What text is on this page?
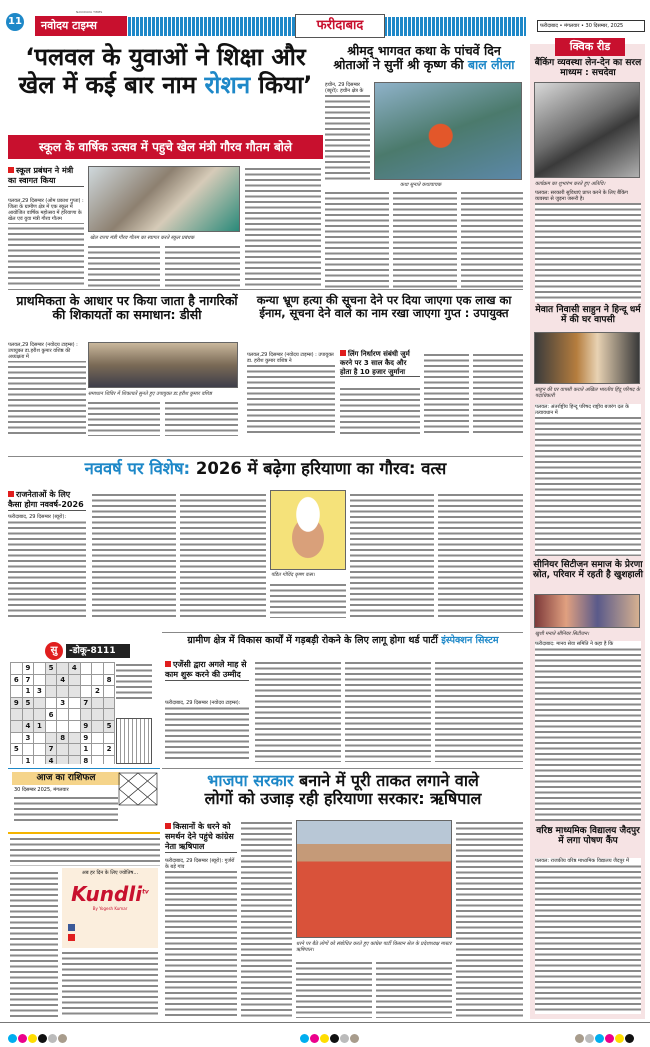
11
NAVODAYA TIMES
नवोदय टाइम्स	फरीदाबाद	फरीदाबाद • मंगलवार • 30 दिसम्बर, 2025
‘पलवल के युवाओं ने शिक्षा और
खेल में कई बार नाम रोशन किया’
स्कूल के वार्षिक उत्सव में पहुचे खेल मंत्री गौरव गौतम बोले
स्कूल प्रबंधन ने मंत्री का स्वागत किया
पलवल,29 दिसम्बर (ओम प्रकाश गुप्ता) : जिला के ग्रामीण क्षेत्र में एक स्कूल में आयोजित वार्षिक महोत्सव में हरियाणा के खेल एवं युवा मंत्री गौरव गौतम
खेल राज्य मंत्री गौरव गौतम का स्वागत करते स्कूल प्रबंधक
श्रीमद् भागवत कथा के पांचवें दिन
श्रोताओं ने सुनीं श्री कृष्ण की बाल लीला
हथीन, 29 दिसम्बर (ब्यूरो): हथीन क्षेत्र के
कथा सुनाते कथावाचक
क्विक रीड
बैंकिंग व्यवस्था लेन-देन का सरल माध्यम : सचदेवा
कार्यक्रम का शुभारंभ करते हुए अतिथि।
पलवल: सरकारी सुविधाएं प्राप्त करने के लिए बैंकिंग व्यवस्था से जुड़ना जरूरी है।
मेवात निवासी साहुन ने हिन्दू धर्म में की घर वापसी
साहुन की घर वापसी कराते अखिल भारतीय हिंदू परिषद के पदाधिकारी
पलवल: अंतर्राष्ट्रीय हिन्दू परिषद राष्ट्रीय बजरंग दल के तत्वावधान में
सीनियर सिटीजन समाज के प्रेरणा स्रोत, परिवार में रहती है खुशहाली
खुशी मनाते सीनियर सिटीजन।
फरीदाबाद: मानव सेवा समिति ने कहा है कि
वरिष्ठ माध्यमिक विद्यालय जैदपुर में लगा पोषण कैंप
पलवल: राजकीय वरिष्ठ माध्यमिक विद्यालय जैदपुर में
प्राथमिकता के आधार पर किया जाता है नागरिकों की शिकायतों का समाधान: डीसी
पलवल,29 दिसम्बर (नवोदय टाइम्स) : उपायुक्त डा.हरीश कुमार वशिष्ठ की अध्यक्षता में
समाधान शिविर में शिकायतें सुनते हुए उपायुक्त डा.हरीश कुमार वशिष्ठ
कन्या भ्रूण हत्या की सूचना देने पर दिया जाएगा एक लाख का ईनाम, सूचना देने वाले का नाम रखा जाएगा गुप्त : उपायुक्त
पलवल,29 दिसम्बर (नवोदय टाइम्स) : उपायुक्त डा. हरीश कुमार वशिष्ठ ने
लिंग निर्धारण संबंधी जुर्म करने पर 3 साल कैद और होता है 10 हजार जुर्माना
नववर्ष पर विशेष: 2026 में बढ़ेगा हरियाणा का गौरव: वत्स
राजनेताओं के लिए कैसा होगा नववर्ष-2026
फरीदाबाद, 29 दिसम्बर (ब्यूरो):
पंडित गोविंद कृष्ण वत्स।
सु	-डोकू-8111
	9		5		4			
6	7			4				8
	1	3					2	
9	5			3		7		
			6					
	4	1				9		5
	3			8		9		
5			7			1		2
	1		4			8		
आज का राशिफल
30 दिसम्बर 2025, मंगलवार
अब हर दिन के लिए ज्योतिष...
Kundli$^{tv}$
By Yogesh Kumar
ग्रामीण क्षेत्र में विकास कार्यों में गड़बड़ी रोकने के लिए लागू होगा थर्ड पार्टी इंस्पेक्शन सिस्टम
एजेंसी द्वारा अगले माह से काम शुरू करने की उम्मीद
फरीदाबाद, 29 दिसम्बर (नवोदय टाइम्स):
भाजपा सरकार बनाने में पूरी ताकत लगाने वाले
लोगों को उजाड़ रही हरियाणा सरकार: ऋषिपाल
किसानों के धरने को समर्थन देने पहुंचे कांग्रेस नेता ऋषिपाल
फरीदाबाद, 29 दिसम्बर (ब्यूरो): गुर्जरों के बड़े गांव
धरने पर बैठे लोगों को संबोधित करते हुए कांग्रेस पार्टी किसान सेल के प्रदेशाध्यक्ष मास्टर ऋषिपाल।
